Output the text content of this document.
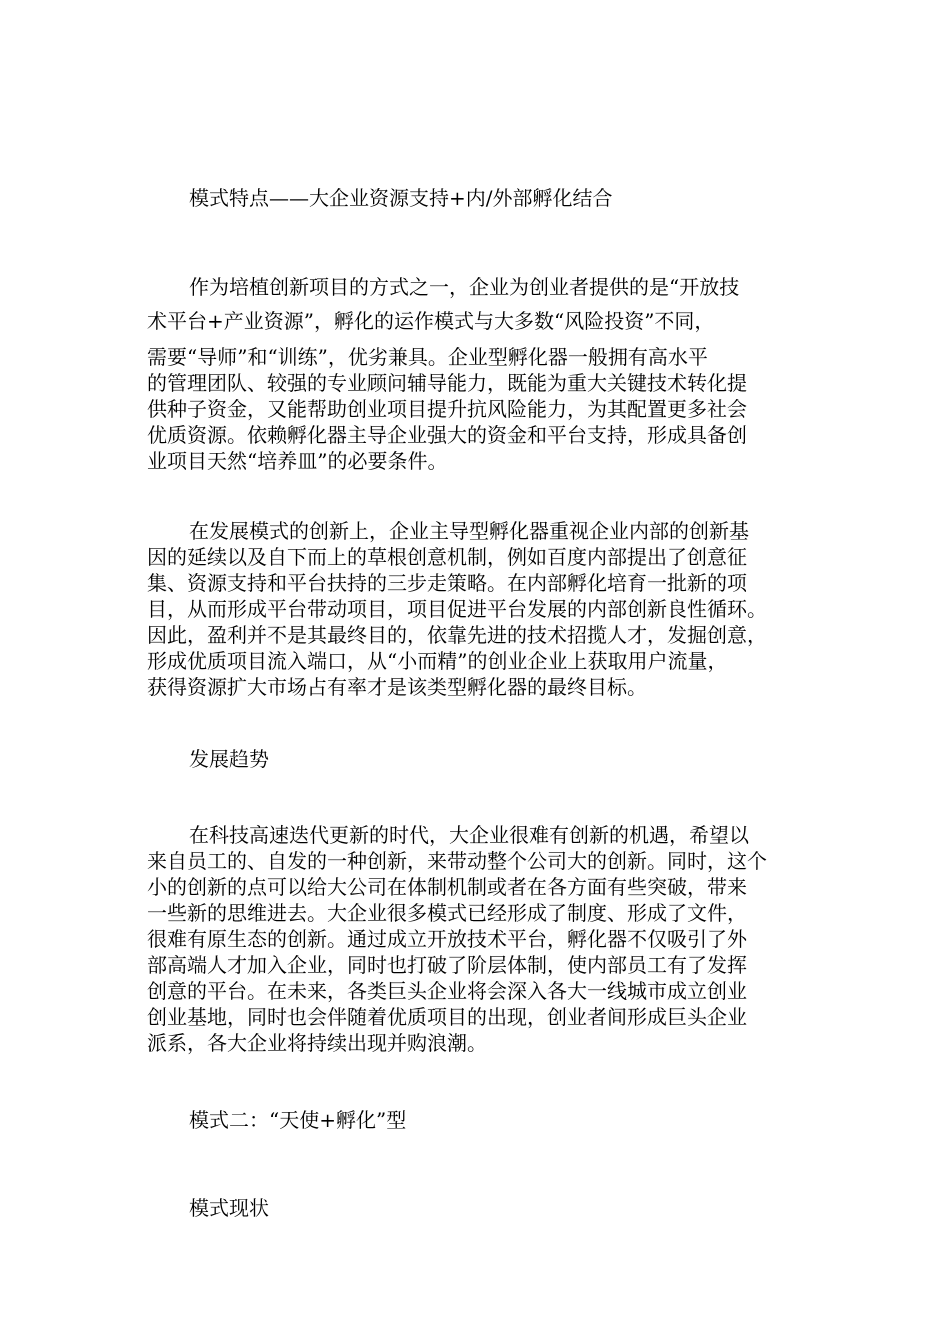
模式特点——大企业资源支持+内/外部孵化结合
作为培植创新项目的方式之一，企业为创业者提供的是“开放技
术平台+产业资源”，孵化的运作模式与大多数“风险投资”不同，
需要“导师”和“训练”，优劣兼具。企业型孵化器一般拥有高水平
的管理团队、较强的专业顾问辅导能力，既能为重大关键技术转化提
供种子资金，又能帮助创业项目提升抗风险能力，为其配置更多社会
优质资源。依赖孵化器主导企业强大的资金和平台支持，形成具备创
业项目天然“培养皿”的必要条件。
在发展模式的创新上，企业主导型孵化器重视企业内部的创新基
因的延续以及自下而上的草根创意机制，例如百度内部提出了创意征
集、资源支持和平台扶持的三步走策略。在内部孵化培育一批新的项
目，从而形成平台带动项目，项目促进平台发展的内部创新良性循环。
因此，盈利并不是其最终目的，依靠先进的技术招揽人才，发掘创意，
形成优质项目流入端口，从“小而精”的创业企业上获取用户流量，
获得资源扩大市场占有率才是该类型孵化器的最终目标。
发展趋势
在科技高速迭代更新的时代，大企业很难有创新的机遇，希望以
来自员工的、自发的一种创新，来带动整个公司大的创新。同时，这个
小的创新的点可以给大公司在体制机制或者在各方面有些突破，带来
一些新的思维进去。大企业很多模式已经形成了制度、形成了文件，
很难有原生态的创新。通过成立开放技术平台，孵化器不仅吸引了外
部高端人才加入企业，同时也打破了阶层体制，使内部员工有了发挥
创意的平台。在未来，各类巨头企业将会深入各大一线城市成立创业
创业基地，同时也会伴随着优质项目的出现，创业者间形成巨头企业
派系，各大企业将持续出现并购浪潮。
模式二：“天使+孵化”型
模式现状
